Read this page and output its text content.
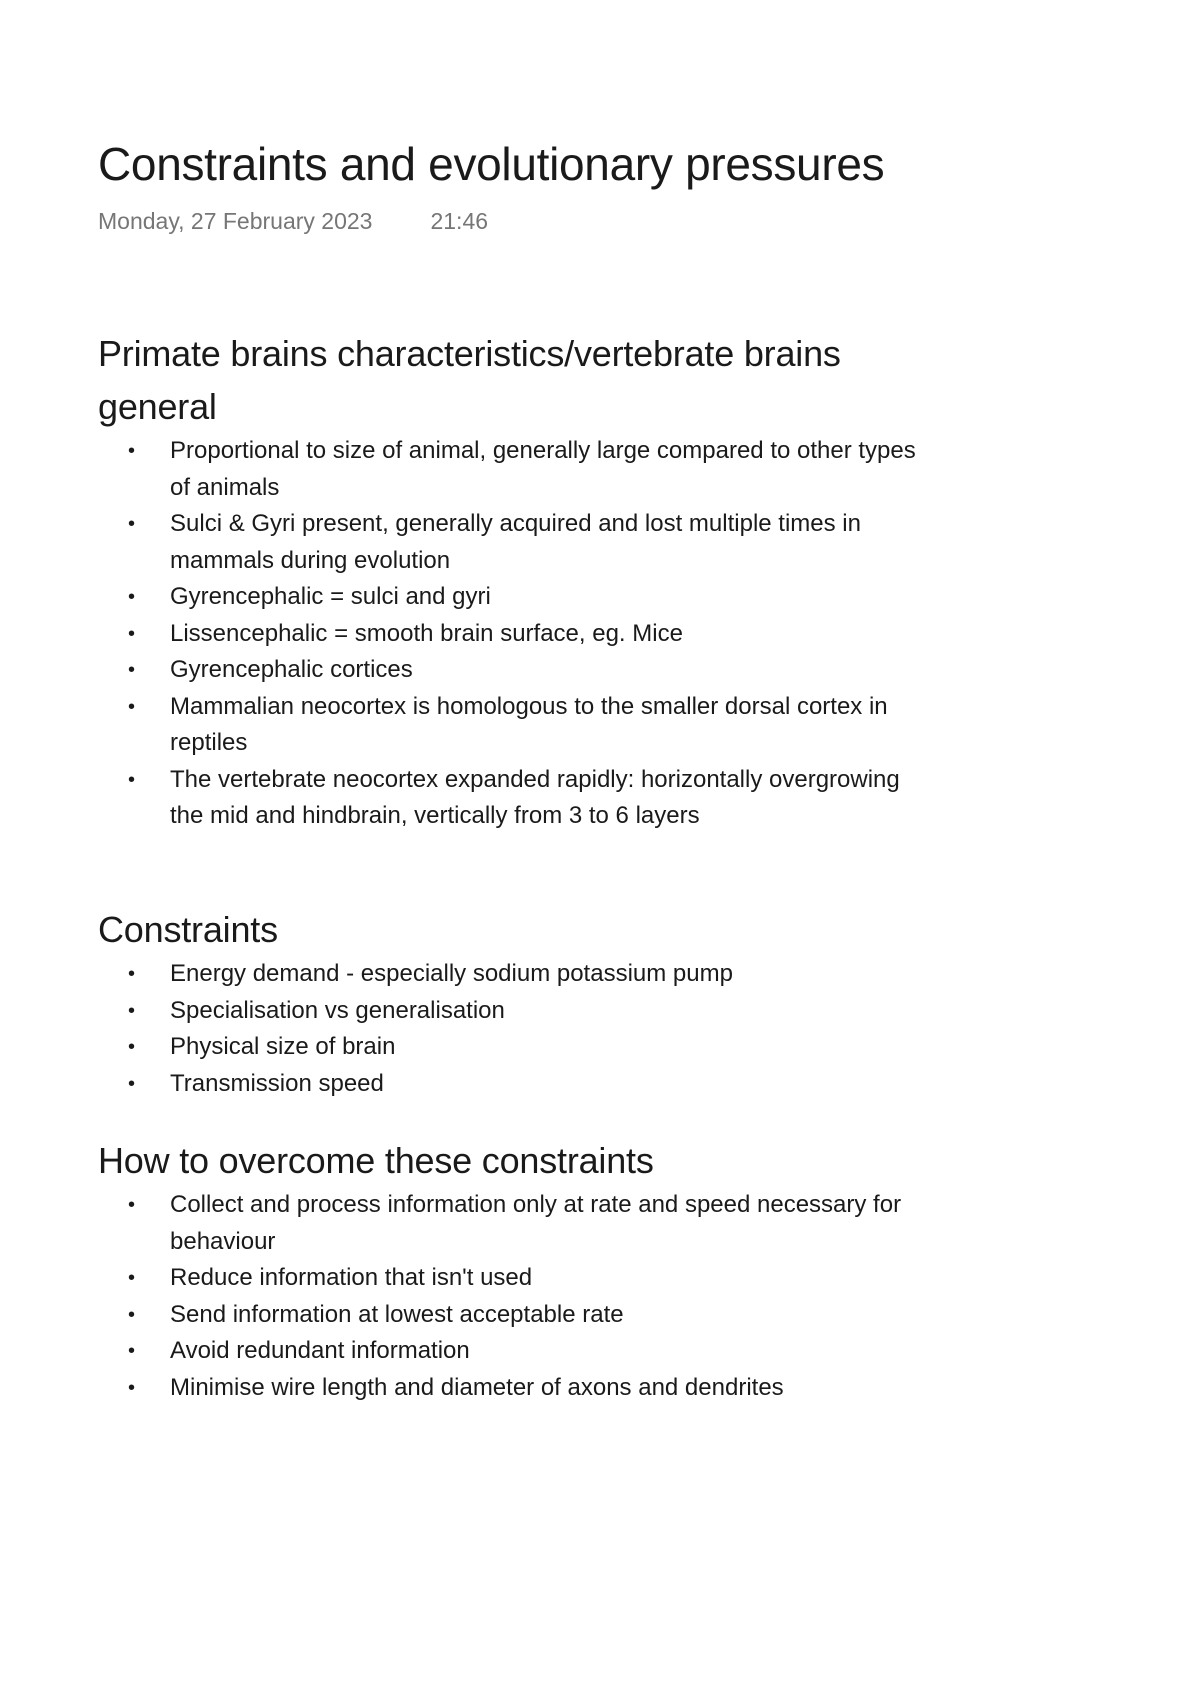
Constraints and evolutionary pressures
Monday, 27 February 2023	21:46
Primate brains characteristics/vertebrate brains general
• Proportional to size of animal, generally large compared to other types of animals
• Sulci & Gyri present, generally acquired and lost multiple times in mammals during evolution
• Gyrencephalic = sulci and gyri
• Lissencephalic = smooth brain surface, eg. Mice
• Gyrencephalic cortices
• Mammalian neocortex is homologous to the smaller dorsal cortex in reptiles
• The vertebrate neocortex expanded rapidly: horizontally overgrowing the mid and hindbrain, vertically from 3 to 6 layers
Constraints
• Energy demand - especially sodium potassium pump
• Specialisation vs generalisation
• Physical size of brain
• Transmission speed
How to overcome these constraints
• Collect and process information only at rate and speed necessary for behaviour
• Reduce information that isn't used
• Send information at lowest acceptable rate
• Avoid redundant information
• Minimise wire length and diameter of axons and dendrites
